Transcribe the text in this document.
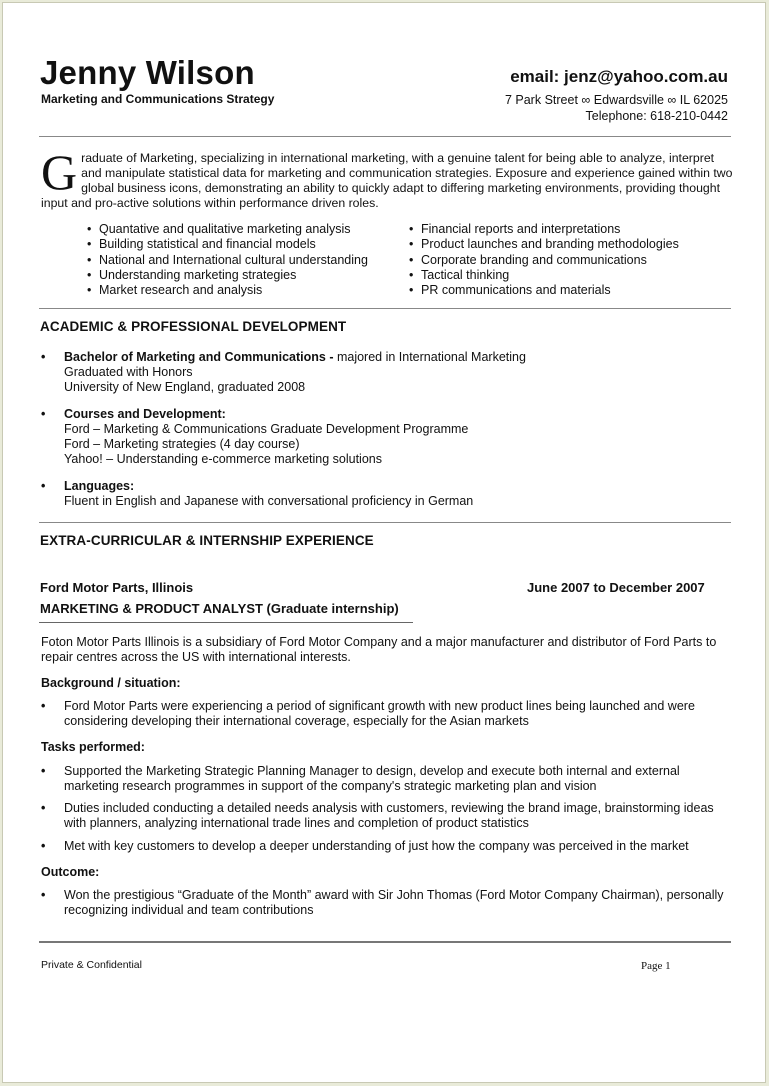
Jenny Wilson
Marketing and Communications Strategy
email: jenz@yahoo.com.au
7 Park Street ∞ Edwardsville ∞ IL 62025
Telephone: 618-210-0442
G raduate of Marketing, specializing in international marketing, with a genuine talent for being able to analyze, interpret and manipulate statistical data for marketing and communication strategies. Exposure and experience gained within two global business icons, demonstrating an ability to quickly adapt to differing marketing environments, providing thought input and pro-active solutions within performance driven roles.
• Quantative and qualitative marketing analysis
• Building statistical and financial models
• National and International cultural understanding
• Understanding marketing strategies
• Market research and analysis
• Financial reports and interpretations
• Product launches and branding methodologies
• Corporate branding and communications
• Tactical thinking
• PR communications and materials
ACADEMIC & PROFESSIONAL DEVELOPMENT
• Bachelor of Marketing and Communications - majored in International Marketing
Graduated with Honors
University of New England, graduated 2008
• Courses and Development:
Ford – Marketing & Communications Graduate Development Programme
Ford – Marketing strategies (4 day course)
Yahoo! – Understanding e-commerce marketing solutions
• Languages:
Fluent in English and Japanese with conversational proficiency in German
EXTRA-CURRICULAR & INTERNSHIP EXPERIENCE
Ford Motor Parts, Illinois	June 2007 to December 2007
MARKETING & PRODUCT ANALYST (Graduate internship)
Foton Motor Parts Illinois is a subsidiary of Ford Motor Company and a major manufacturer and distributor of Ford Parts to repair centres across the US with international interests.
Background / situation:
• Ford Motor Parts were experiencing a period of significant growth with new product lines being launched and were considering developing their international coverage, especially for the Asian markets
Tasks performed:
• Supported the Marketing Strategic Planning Manager to design, develop and execute both internal and external marketing research programmes in support of the company's strategic marketing plan and vision
• Duties included conducting a detailed needs analysis with customers, reviewing the brand image, brainstorming ideas with planners, analyzing international trade lines and completion of product statistics
• Met with key customers to develop a deeper understanding of just how the company was perceived in the market
Outcome:
• Won the prestigious “Graduate of the Month” award with Sir John Thomas (Ford Motor Company Chairman), personally recognizing individual and team contributions
Private & Confidential	Page 1
